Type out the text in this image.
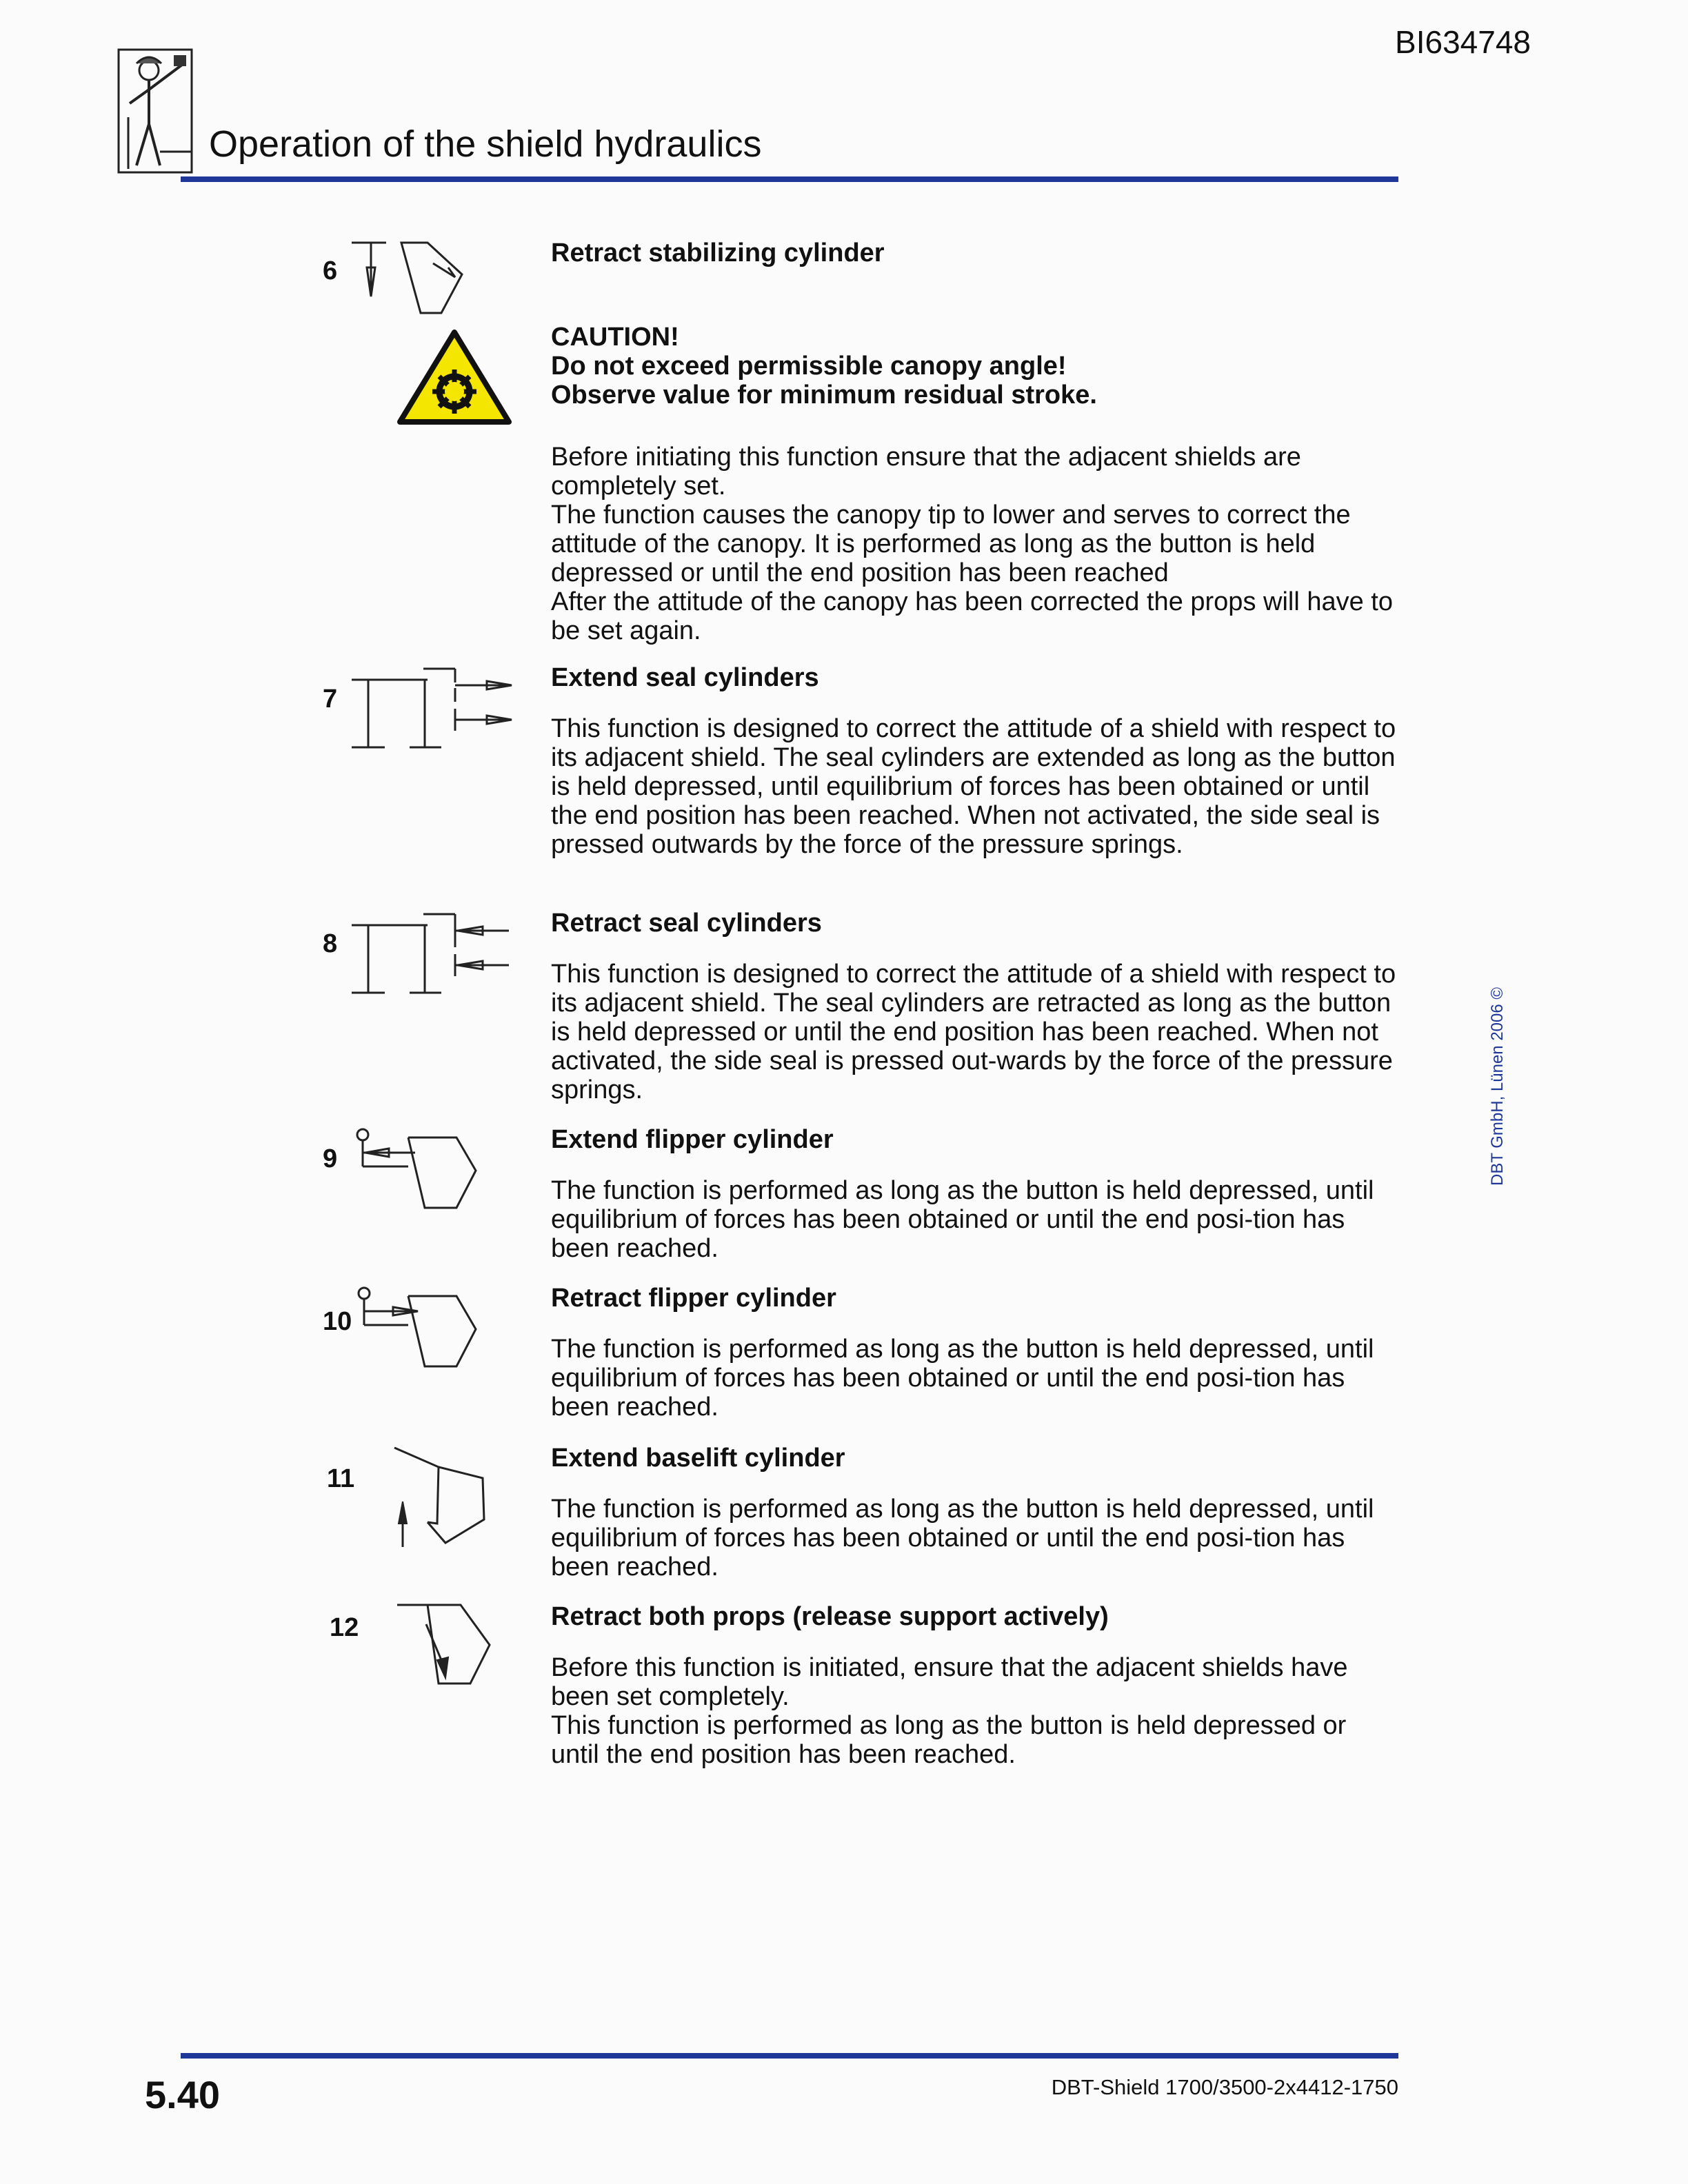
BI634748
Operation of the shield hydraulics
6

Retract stabilizing cylinder

CAUTION!

Do not exceed permissible canopy angle!

Observe value for minimum residual stroke.

Before initiating this function ensure that the adjacent shields are completely set.
The function causes the canopy tip to lower and serves to correct the attitude of the canopy. It is performed as long as the button is held depressed or until the end position has been reached
After the attitude of the canopy has been corrected the props will have to be set again.
7

Extend seal cylinders

This function is designed to correct the attitude of a shield with respect to its adjacent shield. The seal cylinders are extended as long as the button is held depressed, until equilibrium of forces has been obtained or until the end position has been reached. When not activated, the side seal is pressed outwards by the force of the pressure springs.

8

Retract seal cylinders

This function is designed to correct the attitude of a shield with respect to its adjacent shield. The seal cylinders are retracted as long as the button is held depressed or until the end position has been reached. When not activated, the side seal is pressed out-wards by the force of the pressure springs.

9

Extend flipper cylinder

The function is performed as long as the button is held depressed, until equilibrium of forces has been obtained or until the end posi-tion has been reached.

10

Retract flipper cylinder

The function is performed as long as the button is held depressed, until equilibrium of forces has been obtained or until the end posi-tion has been reached.

11

Extend baselift cylinder

The function is performed as long as the button is held depressed, until equilibrium of forces has been obtained or until the end posi-tion has been reached.

12	Retract both props (release support actively)

Before this function is initiated, ensure that the adjacent shields have been set completely.
This function is performed as long as the button is held depressed or until the end position has been reached.

DBT GmbH, Lünen 2006 ©
5.40	DBT-Shield 1700/3500-2x4412-1750
